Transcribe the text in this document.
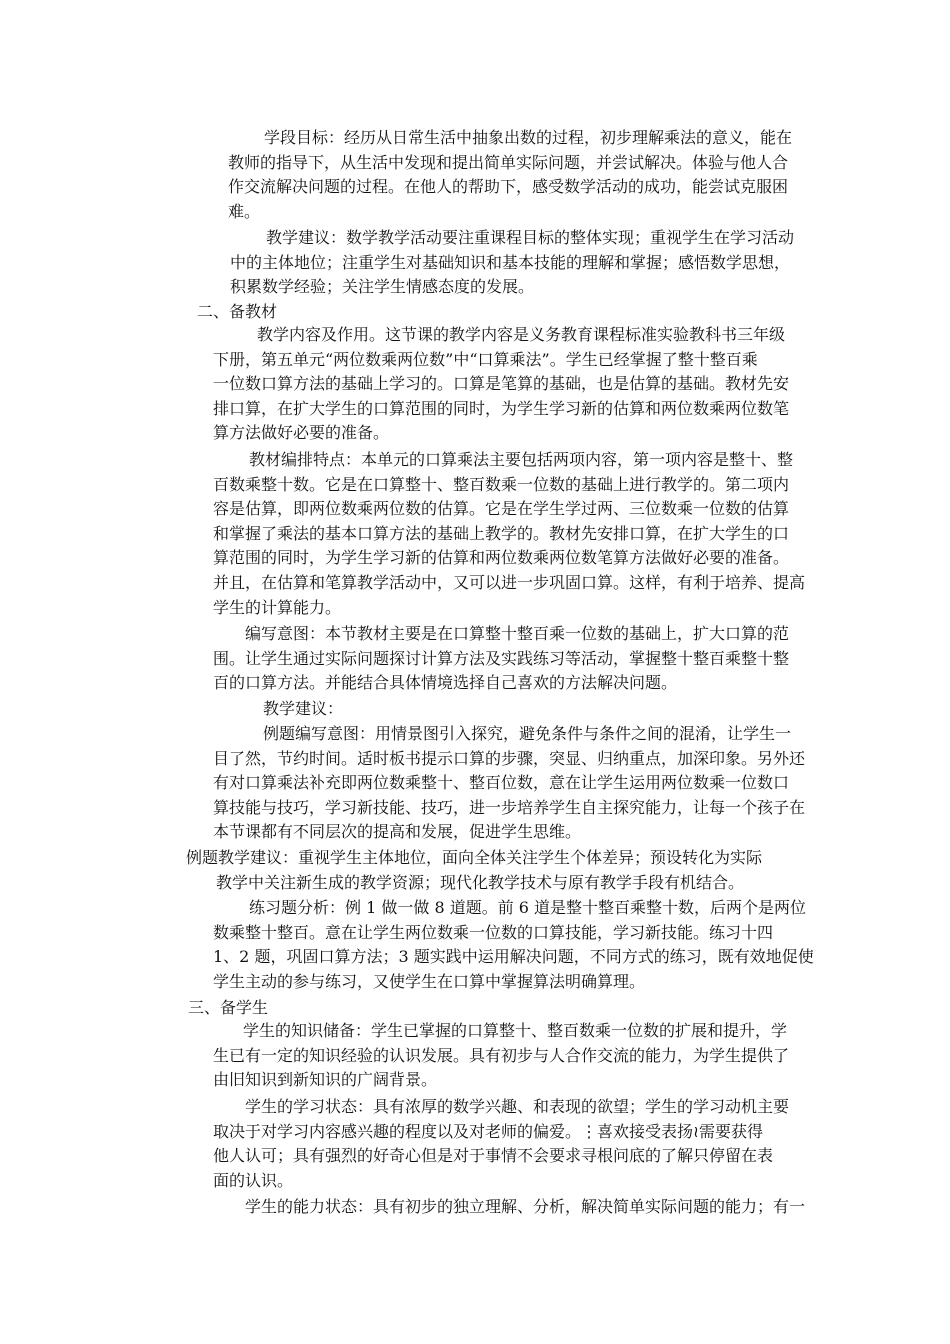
学段目标：经历从日常生活中抽象出数的过程，初步理解乘法的意义，能在
教师的指导下，从生活中发现和提出简单实际问题，并尝试解决。体验与他人合
作交流解决问题的过程。在他人的帮助下，感受数学活动的成功，能尝试克服困
难。
教学建议：数学教学活动要注重课程目标的整体实现；重视学生在学习活动
中的主体地位；注重学生对基础知识和基本技能的理解和掌握；感悟数学思想，
积累数学经验；关注学生情感态度的发展。
二、备教材
教学内容及作用。这节课的教学内容是义务教育课程标准实验教科书三年级
下册，第五单元“两位数乘两位数”中“口算乘法”。学生已经掌握了整十整百乘
一位数口算方法的基础上学习的。口算是笔算的基础，也是估算的基础。教材先安
排口算，在扩大学生的口算范围的同时，为学生学习新的估算和两位数乘两位数笔
算方法做好必要的准备。
教材编排特点：本单元的口算乘法主要包括两项内容，第一项内容是整十、整
百数乘整十数。它是在口算整十、整百数乘一位数的基础上进行教学的。第二项内
容是估算，即两位数乘两位数的估算。它是在学生学过两、三位数乘一位数的估算
和掌握了乘法的基本口算方法的基础上教学的。教材先安排口算，在扩大学生的口
算范围的同时，为学生学习新的估算和两位数乘两位数笔算方法做好必要的准备。
并且，在估算和笔算教学活动中，又可以进一步巩固口算。这样，有利于培养、提高
学生的计算能力。
编写意图：本节教材主要是在口算整十整百乘一位数的基础上，扩大口算的范
围。让学生通过实际问题探讨计算方法及实践练习等活动，掌握整十整百乘整十整
百的口算方法。并能结合具体情境选择自己喜欢的方法解决问题。
教学建议：
例题编写意图：用情景图引入探究，避免条件与条件之间的混淆，让学生一
目了然，节约时间。适时板书提示口算的步骤，突显、归纳重点，加深印象。另外还
有对口算乘法补充即两位数乘整十、整百位数，意在让学生运用两位数乘一位数口
算技能与技巧，学习新技能、技巧，进一步培养学生自主探究能力，让每一个孩子在
本节课都有不同层次的提高和发展，促进学生思维。
例题教学建议：重视学生主体地位，面向全体关注学生个体差异；预设转化为实际
教学中关注新生成的教学资源；现代化教学技术与原有教学手段有机结合。
练习题分析：例 1 做一做 8 道题。前 6 道是整十整百乘整十数，后两个是两位
数乘整十整百。意在让学生两位数乘一位数的口算技能，学习新技能。练习十四
1、2 题，巩固口算方法；3 题实践中运用解决问题，不同方式的练习，既有效地促使
学生主动的参与练习，又使学生在口算中掌握算法明确算理。
三、备学生
学生的知识储备：学生已掌握的口算整十、整百数乘一位数的扩展和提升，学
生已有一定的知识经验的认识发展。具有初步与人合作交流的能力，为学生提供了
由旧知识到新知识的广阔背景。
学生的学习状态：具有浓厚的数学兴趣、和表现的欲望；学生的学习动机主要
取决于对学习内容感兴趣的程度以及对老师的偏爱。⋮喜欢接受表扬≀需要获得
他人认可；具有强烈的好奇心但是对于事情不会要求寻根问底的了解只停留在表
面的认识。
学生的能力状态：具有初步的独立理解、分析，解决简单实际问题的能力；有一
